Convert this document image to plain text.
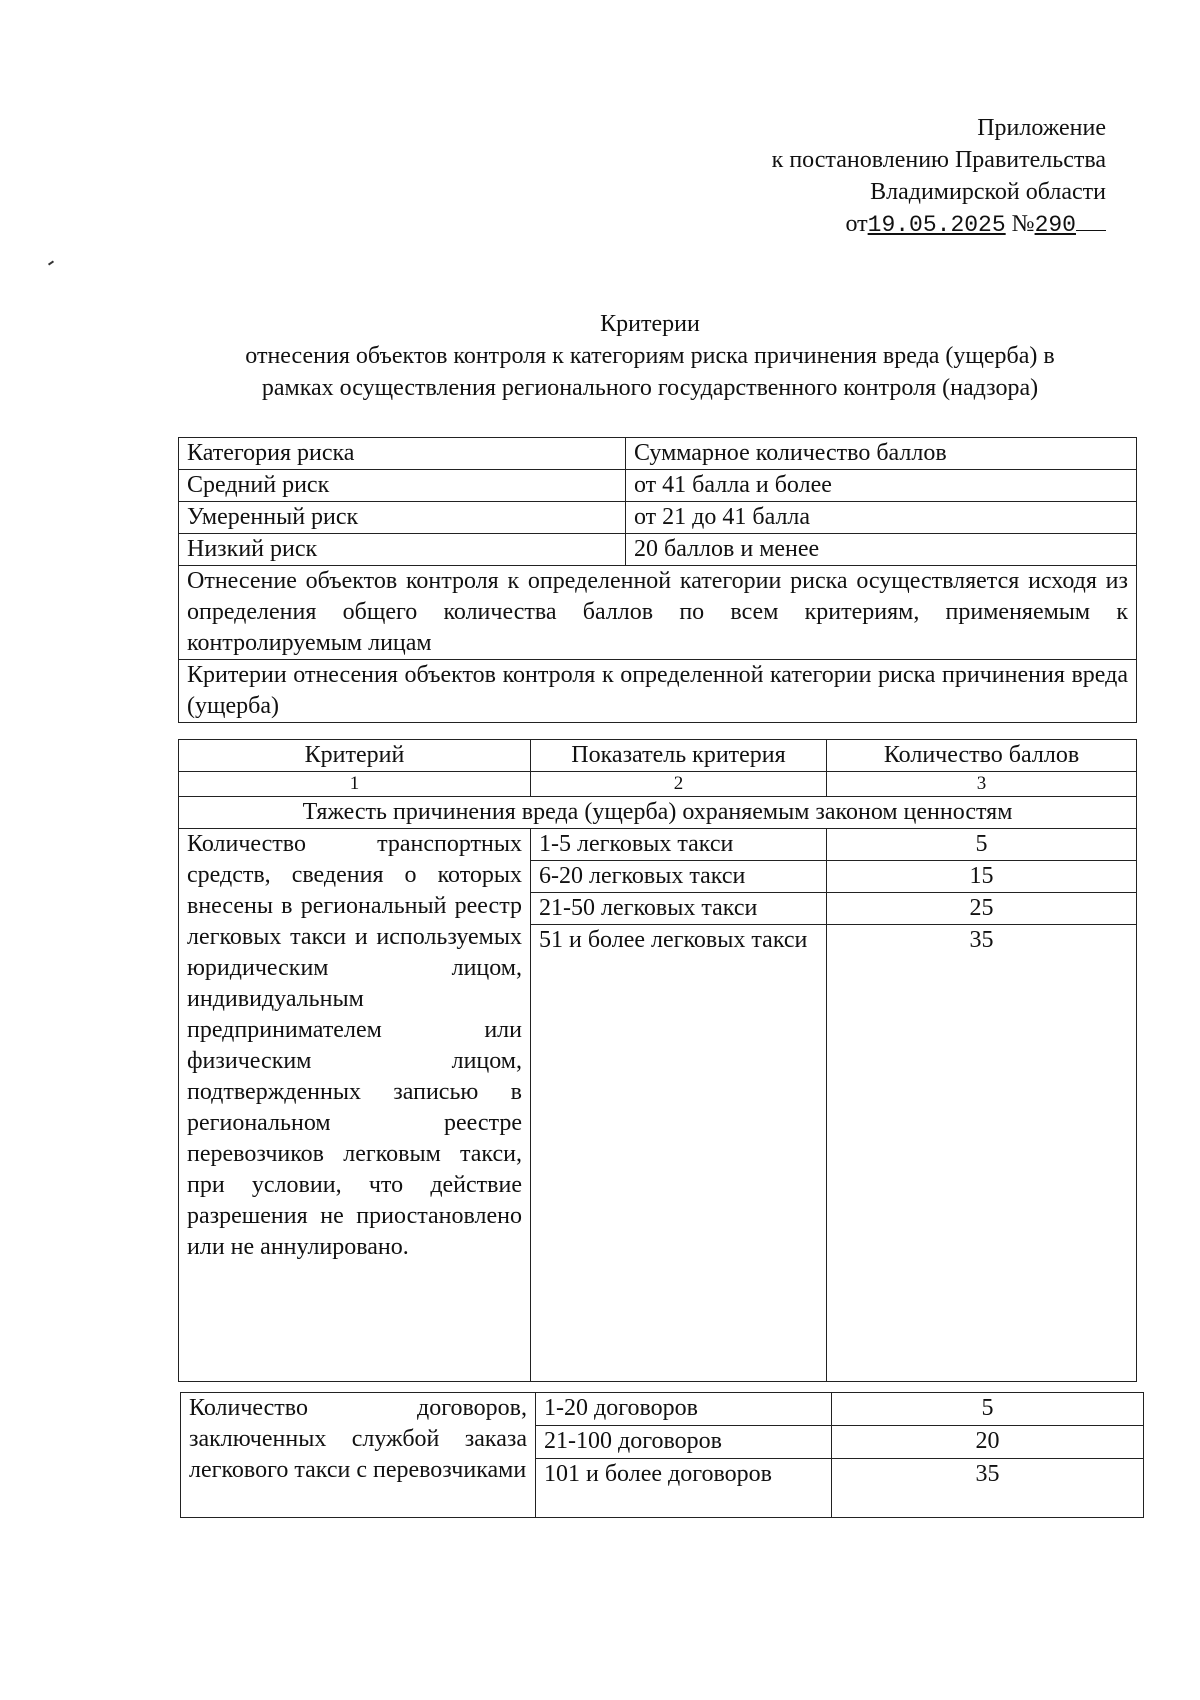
Приложение
к постановлению Правительства
Владимирской области
от19.05.2025 №290
Критерии
отнесения объектов контроля к категориям риска причинения вреда (ущерба) в
рамках осуществления регионального государственного контроля (надзора)
Категория риска	Суммарное количество баллов
Средний риск	от 41 балла и более
Умеренный риск	от 21 до 41 балла
Низкий риск	20 баллов и менее
Отнесение объектов контроля к определенной категории риска осуществляется исходя из определения общего количества баллов по всем критериям, применяемым к контролируемым лицам	
Критерии отнесения объектов контроля к определенной категории риска причинения вреда (ущерба)	
Критерий	Показатель критерия	Количество баллов
1	2	3
Тяжесть причинения вреда (ущерба) охраняемым законом ценностям		
Количество транспортных средств, сведения о которых внесены в региональный реестр легковых такси и используемых юридическим лицом, индивидуальным предпринимателем или физическим лицом, подтвержденных записью в региональном реестре перевозчиков легковым такси, при условии, что действие разрешения не приостановлено или не аннулировано.	1-5 легковых такси	5
	6-20 легковых такси	15
	21-50 легковых такси	25
	51 и более легковых такси	35
Количество договоров, заключенных службой заказа легкового такси с перевозчиками	1-20 договоров	5
	21-100 договоров	20
	101 и более договоров	35
